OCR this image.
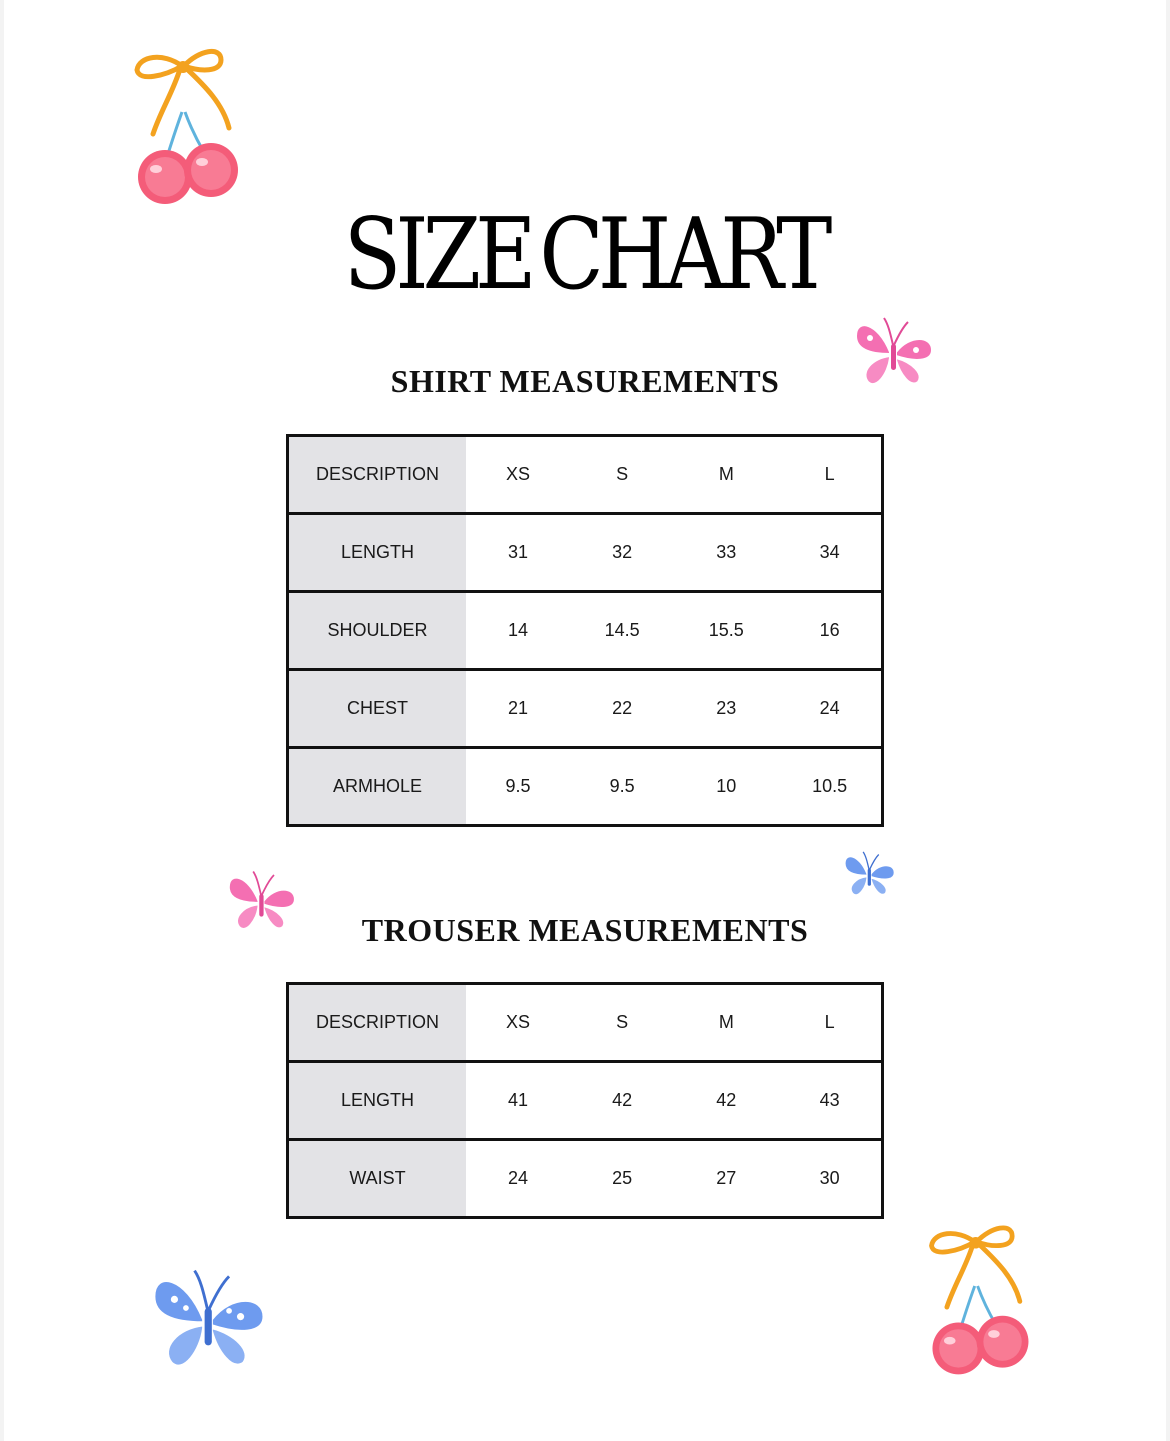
SIZE CHART
SHIRT MEASUREMENTS
DESCRIPTION	XS	S	M	L
LENGTH	31	32	33	34
SHOULDER	14	14.5	15.5	16
CHEST	21	22	23	24
ARMHOLE	9.5	9.5	10	10.5
TROUSER MEASUREMENTS
DESCRIPTION	XS	S	M	L
LENGTH	41	42	42	43
WAIST	24	25	27	30
